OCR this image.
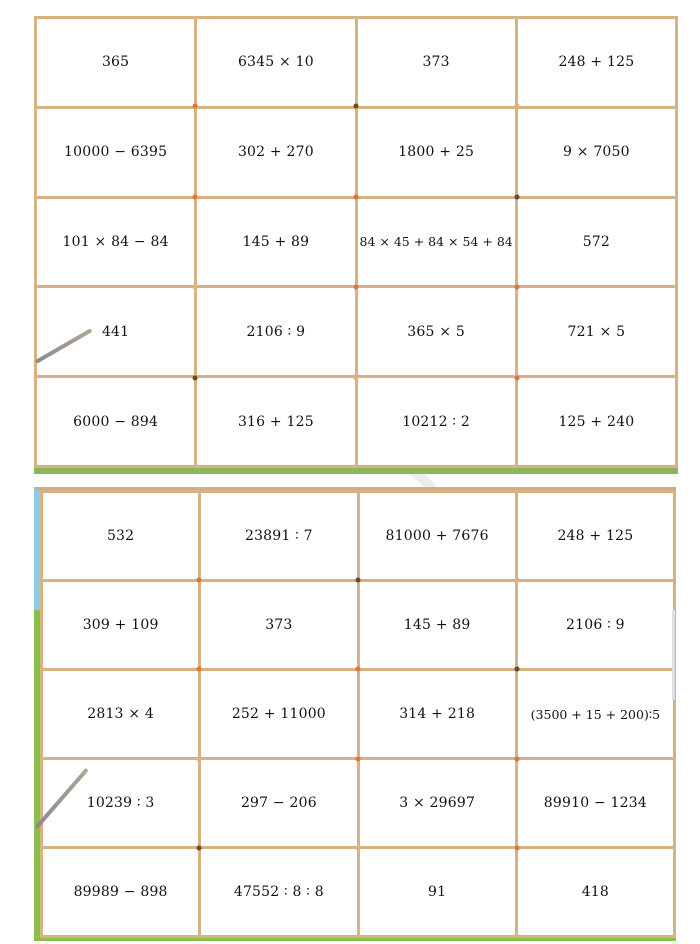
365	6345 × 10	373	248 + 125
10000 − 6395	302 + 270	1800 + 25	9 × 7050
101 × 84 − 84	145 + 89	84 × 45 + 84 × 54 + 84	572
441	2106 ∶ 9	365 × 5	721 × 5
6000 − 894	316 + 125	10212 ∶ 2	125 + 240
532	23891 ∶ 7	81000 + 7676	248 + 125
309 + 109	373	145 + 89	2106 ∶ 9
2813 × 4	252 + 11000	314 + 218	(3500 + 15 + 200)∶5
10239 ∶ 3	297 − 206	3 × 29697	89910 − 1234
89989 − 898	47552 ∶ 8 ∶ 8	91	418
